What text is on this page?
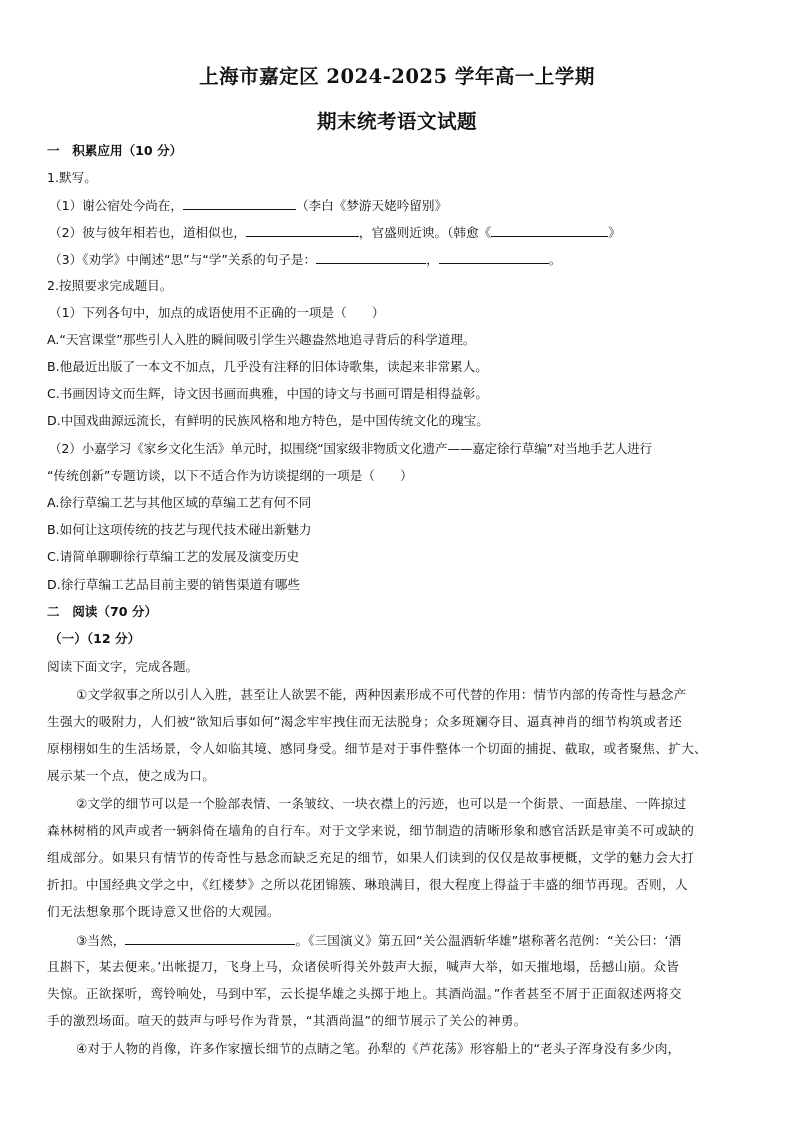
上海市嘉定区 2024-2025 学年高一上学期
期末统考语文试题
一　积累应用（10 分）
1.默写。
（1）谢公宿处今尚在，	（李白《梦游天姥吟留别》
（2）彼与彼年相若也，道相似也，	，官盛则近谀。（韩愈《	》
（3）《劝学》中阐述“思”与“学”关系的句子是：	，	。
2.按照要求完成题目。
（1）下列各句中，加点的成语使用不正确的一项是（　　）
A.“天宫课堂”那些引人入胜的瞬间吸引学生兴趣盎然地追寻背后的科学道理。
B.他最近出版了一本文不加点，几乎没有注释的旧体诗歌集，读起来非常累人。
C.书画因诗文而生辉，诗文因书画而典雅，中国的诗文与书画可谓是相得益彰。
D.中国戏曲源远流长，有鲜明的民族风格和地方特色，是中国传统文化的瑰宝。
（2）小嘉学习《家乡文化生活》单元时，拟围绕“国家级非物质文化遗产——嘉定徐行草编”对当地手艺人进行
“传统创新”专题访谈，以下不适合作为访谈提纲的一项是（　　）
A.徐行草编工艺与其他区域的草编工艺有何不同
B.如何让这项传统的技艺与现代技术碰出新魅力
C.请简单聊聊徐行草编工艺的发展及演变历史
D.徐行草编工艺品目前主要的销售渠道有哪些
二　阅读（70 分）
（一）（12 分）
阅读下面文字，完成各题。
①文学叙事之所以引人入胜，甚至让人欲罢不能，两种因素形成不可代替的作用：情节内部的传奇性与悬念产
生强大的吸附力，人们被“欲知后事如何”渴念牢牢拽住而无法脱身；众多斑斓夺目、逼真神肖的细节构筑或者还
原栩栩如生的生活场景，令人如临其境、感同身受。细节是对于事件整体一个切面的捕捉、截取，或者聚焦、扩大、
展示某一个点，使之成为口。
②文学的细节可以是一个脸部表情、一条皱纹、一块衣襟上的污迹，也可以是一个街景、一面悬崖、一阵掠过
森林树梢的风声或者一辆斜倚在墙角的自行车。对于文学来说，细节制造的清晰形象和感官活跃是审美不可或缺的
组成部分。如果只有情节的传奇性与悬念而缺乏充足的细节，如果人们读到的仅仅是故事梗概，文学的魅力会大打
折扣。中国经典文学之中，《红楼梦》之所以花团锦簇、琳琅满目，很大程度上得益于丰盛的细节再现。否则，人
们无法想象那个既诗意又世俗的大观园。
③当然，	。《三国演义》第五回“关公温酒斩华雄”堪称著名范例：“关公曰：‘酒
且斟下，某去便来。’出帐提刀，飞身上马，众诸侯听得关外鼓声大振，喊声大举，如天摧地塌，岳撼山崩。众皆
失惊。正欲探听，鸾铃响处，马到中军，云长提华雄之头掷于地上。其酒尚温。”作者甚至不屑于正面叙述两将交
手的激烈场面。喧天的鼓声与呼号作为背景，“其酒尚温”的细节展示了关公的神勇。
④对于人物的肖像，许多作家擅长细节的点睛之笔。孙犁的《芦花荡》形容船上的“老头子浑身没有多少肉，
